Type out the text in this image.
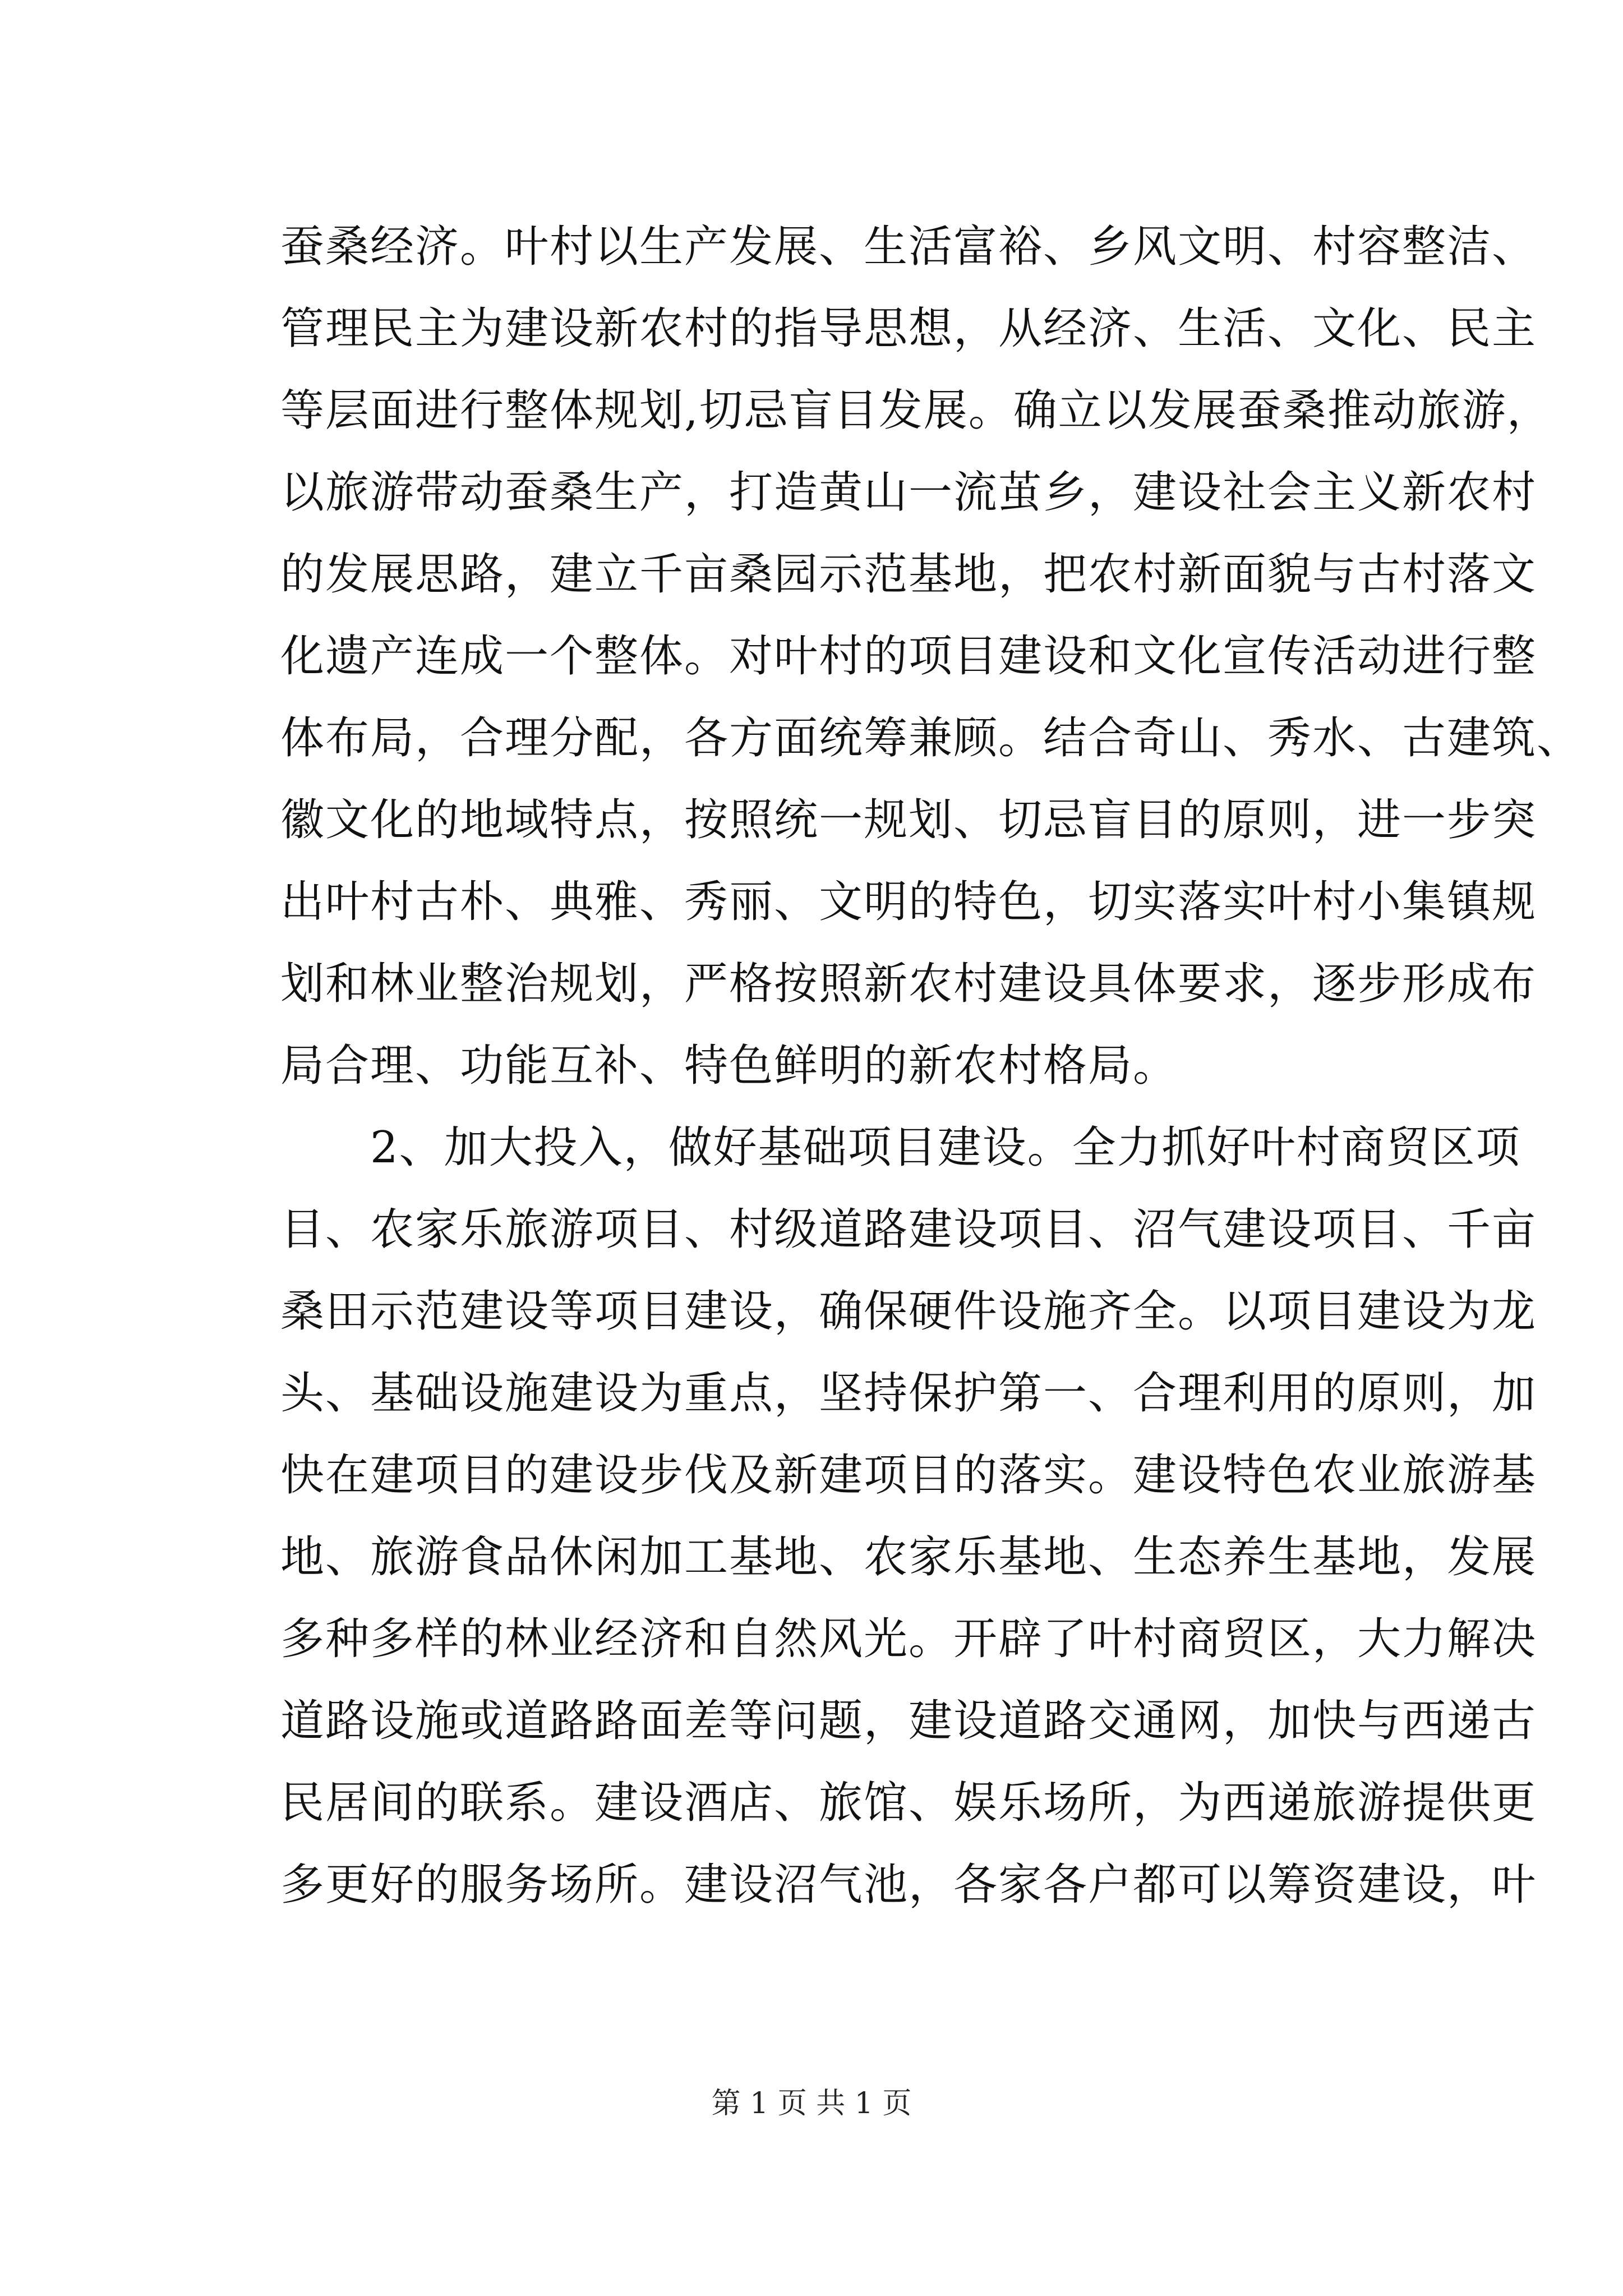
蚕桑经济。叶村以生产发展、生活富裕、乡风文明、村容整洁、
管理民主为建设新农村的指导思想，从经济、生活、文化、民主
等层面进行整体规划,切忌盲目发展。确立以发展蚕桑推动旅游，
以旅游带动蚕桑生产，打造黄山一流茧乡，建设社会主义新农村
的发展思路，建立千亩桑园示范基地，把农村新面貌与古村落文
化遗产连成一个整体。对叶村的项目建设和文化宣传活动进行整
体布局，合理分配，各方面统筹兼顾。结合奇山、秀水、古建筑、
徽文化的地域特点，按照统一规划、切忌盲目的原则，进一步突
出叶村古朴、典雅、秀丽、文明的特色，切实落实叶村小集镇规
划和林业整治规划，严格按照新农村建设具体要求，逐步形成布
局合理、功能互补、特色鲜明的新农村格局。
2、加大投入，做好基础项目建设。全力抓好叶村商贸区项
目、农家乐旅游项目、村级道路建设项目、沼气建设项目、千亩
桑田示范建设等项目建设，确保硬件设施齐全。以项目建设为龙
头、基础设施建设为重点，坚持保护第一、合理利用的原则，加
快在建项目的建设步伐及新建项目的落实。建设特色农业旅游基
地、旅游食品休闲加工基地、农家乐基地、生态养生基地，发展
多种多样的林业经济和自然风光。开辟了叶村商贸区，大力解决
道路设施或道路路面差等问题，建设道路交通网，加快与西递古
民居间的联系。建设酒店、旅馆、娱乐场所，为西递旅游提供更
多更好的服务场所。建设沼气池，各家各户都可以筹资建设，叶
第 1 页 共 1 页
